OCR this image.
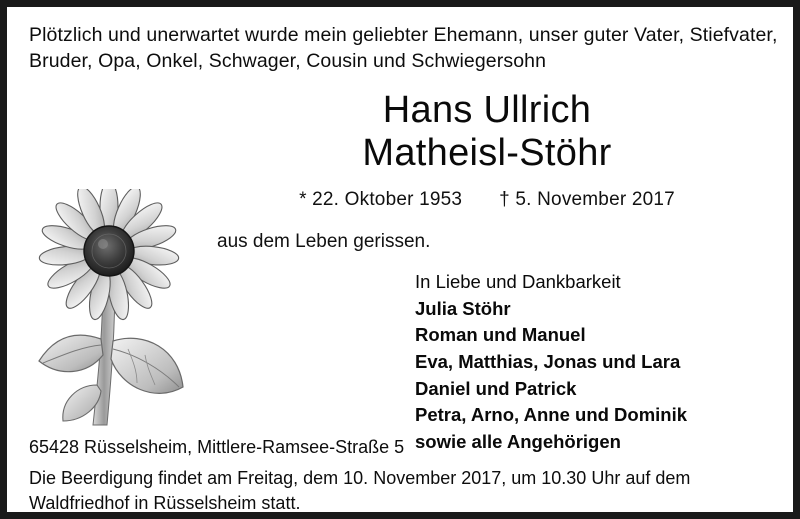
Plötzlich und unerwartet wurde mein geliebter Ehemann, unser guter Vater, Stiefvater,
Bruder, Opa, Onkel, Schwager, Cousin und Schwiegersohn
Hans Ullrich
Matheisl-Stöhr
* 22. Oktober 1953 † 5. November 2017
aus dem Leben gerissen.
In Liebe und Dankbarkeit
Julia Stöhr
Roman und Manuel
Eva, Matthias, Jonas und Lara
Daniel und Patrick
Petra, Arno, Anne und Dominik
sowie alle Angehörigen
65428 Rüsselsheim, Mittlere-Ramsee-Straße 5
Die Beerdigung findet am Freitag, dem 10. November 2017, um 10.30 Uhr auf dem
Waldfriedhof in Rüsselsheim statt.
